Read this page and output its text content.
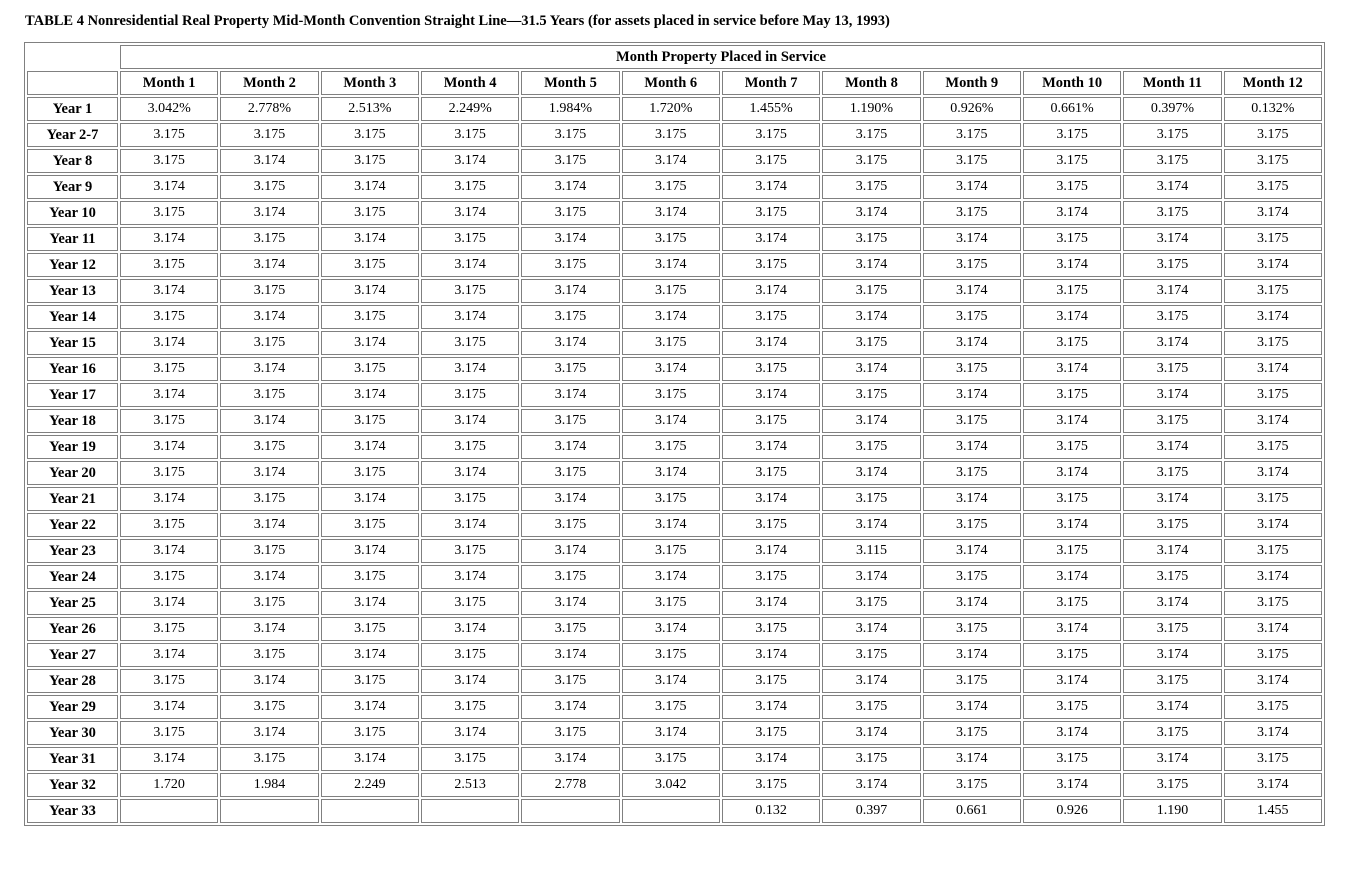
TABLE 4 Nonresidential Real Property Mid-Month Convention Straight Line—31.5 Years (for assets placed in service before May 13, 1993)
	Month Property Placed in Service											
	Month 1	Month 2	Month 3	Month 4	Month 5	Month 6	Month 7	Month 8	Month 9	Month 10	Month 11	Month 12
Year 1	3.042%	2.778%	2.513%	2.249%	1.984%	1.720%	1.455%	1.190%	0.926%	0.661%	0.397%	0.132%
Year 2-7	3.175	3.175	3.175	3.175	3.175	3.175	3.175	3.175	3.175	3.175	3.175	3.175
Year 8	3.175	3.174	3.175	3.174	3.175	3.174	3.175	3.175	3.175	3.175	3.175	3.175
Year 9	3.174	3.175	3.174	3.175	3.174	3.175	3.174	3.175	3.174	3.175	3.174	3.175
Year 10	3.175	3.174	3.175	3.174	3.175	3.174	3.175	3.174	3.175	3.174	3.175	3.174
Year 11	3.174	3.175	3.174	3.175	3.174	3.175	3.174	3.175	3.174	3.175	3.174	3.175
Year 12	3.175	3.174	3.175	3.174	3.175	3.174	3.175	3.174	3.175	3.174	3.175	3.174
Year 13	3.174	3.175	3.174	3.175	3.174	3.175	3.174	3.175	3.174	3.175	3.174	3.175
Year 14	3.175	3.174	3.175	3.174	3.175	3.174	3.175	3.174	3.175	3.174	3.175	3.174
Year 15	3.174	3.175	3.174	3.175	3.174	3.175	3.174	3.175	3.174	3.175	3.174	3.175
Year 16	3.175	3.174	3.175	3.174	3.175	3.174	3.175	3.174	3.175	3.174	3.175	3.174
Year 17	3.174	3.175	3.174	3.175	3.174	3.175	3.174	3.175	3.174	3.175	3.174	3.175
Year 18	3.175	3.174	3.175	3.174	3.175	3.174	3.175	3.174	3.175	3.174	3.175	3.174
Year 19	3.174	3.175	3.174	3.175	3.174	3.175	3.174	3.175	3.174	3.175	3.174	3.175
Year 20	3.175	3.174	3.175	3.174	3.175	3.174	3.175	3.174	3.175	3.174	3.175	3.174
Year 21	3.174	3.175	3.174	3.175	3.174	3.175	3.174	3.175	3.174	3.175	3.174	3.175
Year 22	3.175	3.174	3.175	3.174	3.175	3.174	3.175	3.174	3.175	3.174	3.175	3.174
Year 23	3.174	3.175	3.174	3.175	3.174	3.175	3.174	3.115	3.174	3.175	3.174	3.175
Year 24	3.175	3.174	3.175	3.174	3.175	3.174	3.175	3.174	3.175	3.174	3.175	3.174
Year 25	3.174	3.175	3.174	3.175	3.174	3.175	3.174	3.175	3.174	3.175	3.174	3.175
Year 26	3.175	3.174	3.175	3.174	3.175	3.174	3.175	3.174	3.175	3.174	3.175	3.174
Year 27	3.174	3.175	3.174	3.175	3.174	3.175	3.174	3.175	3.174	3.175	3.174	3.175
Year 28	3.175	3.174	3.175	3.174	3.175	3.174	3.175	3.174	3.175	3.174	3.175	3.174
Year 29	3.174	3.175	3.174	3.175	3.174	3.175	3.174	3.175	3.174	3.175	3.174	3.175
Year 30	3.175	3.174	3.175	3.174	3.175	3.174	3.175	3.174	3.175	3.174	3.175	3.174
Year 31	3.174	3.175	3.174	3.175	3.174	3.175	3.174	3.175	3.174	3.175	3.174	3.175
Year 32	1.720	1.984	2.249	2.513	2.778	3.042	3.175	3.174	3.175	3.174	3.175	3.174
Year 33							0.132	0.397	0.661	0.926	1.190	1.455
